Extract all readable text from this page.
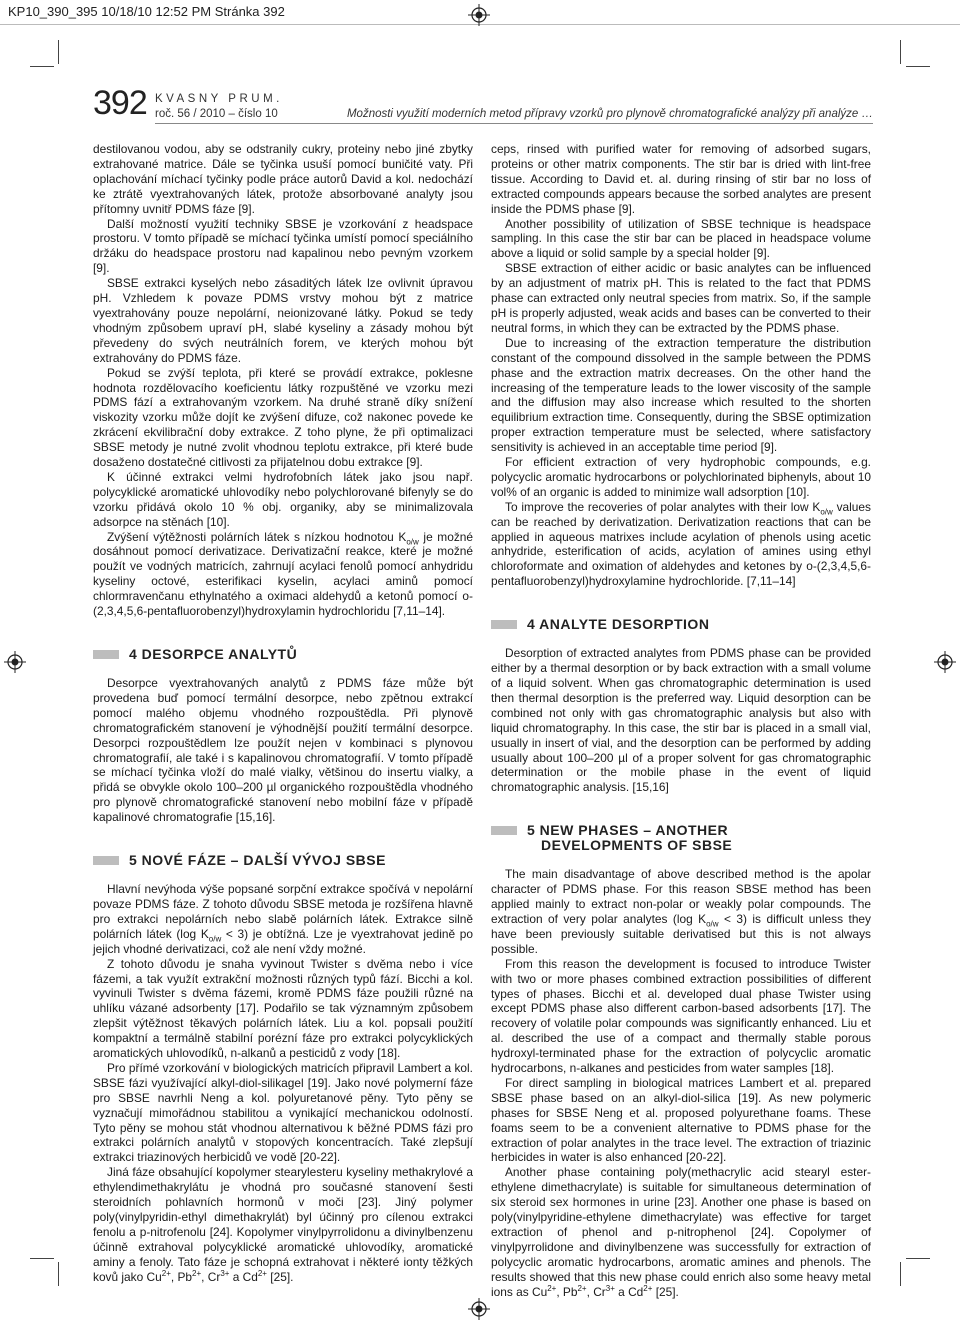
KP10_390_395 10/18/10 12:52 PM Stránka 392
392 KVASNY PRUM.
roč. 56 / 2010 – číslo 10	Možnosti využití moderních metod přípravy vzorků pro plynově chromatografické analýzy při analýze …

destilovanou vodou, aby se odstranily cukry, proteiny nebo jiné zbytky extrahované matrice. Dále se tyčinka usuší pomocí buničité vaty. Při oplachování míchací tyčinky podle práce autorů David a kol. nedochází ke ztrátě vyextrahovaných látek, protože absorbované analyty jsou přítomny uvnitř PDMS fáze [9].

Další možností využití techniky SBSE je vzorkování z headspace prostoru. V tomto případě se míchací tyčinka umístí pomocí speciálního držáku do headspace prostoru nad kapalinou nebo pevným vzorkem [9].

SBSE extrakci kyselých nebo zásaditých látek lze ovlivnit úpravou pH. Vzhledem k povaze PDMS vrstvy mohou být z matrice vyextrahovány pouze nepolární, neionizované látky. Pokud se tedy vhodným způsobem upraví pH, slabé kyseliny a zásady mohou být převedeny do svých neutrálních forem, ve kterých mohou být extrahovány do PDMS fáze.

Pokud se zvýší teplota, při které se provádí extrakce, poklesne hodnota rozdělovacího koeficientu látky rozpuštěné ve vzorku mezi PDMS fází a extrahovaným vzorkem. Na druhé straně díky snížení viskozity vzorku může dojít ke zvýšení difuze, což nakonec povede ke zkrácení ekvilibrační doby extrakce. Z toho plyne, že při optimalizaci SBSE metody je nutné zvolit vhodnou teplotu extrakce, při které bude dosaženo dostatečné citlivosti za přijatelnou dobu extrakce [9].

K účinné extrakci velmi hydrofobních látek jako jsou např. polycyklické aromatické uhlovodíky nebo polychlorované bifenyly se do vzorku přidává okolo 10 % obj. organiky, aby se minimalizovala adsorpce na stěnách [10].

Zvýšení výtěžnosti polárních látek s nízkou hodnotou $K_{o/w}$ je možné dosáhnout pomocí derivatizace. Derivatizační reakce, které je možné použít ve vodných matricích, zahrnují acylaci fenolů pomocí anhydridu kyseliny octové, esterifikaci kyselin, acylaci aminů pomocí chlormravenčanu ethylnatého a oximaci aldehydů a ketonů pomocí o-(2,3,4,5,6-pentafluorobenzyl)hydroxylamin hydrochloridu [7,11–14].

4 DESORPCE ANALYTŮ

Desorpce vyextrahovaných analytů z PDMS fáze může být provedena buď pomocí termální desorpce, nebo zpětnou extrakcí pomocí malého objemu vhodného rozpouštědla. Při plynově chromatografickém stanovení je výhodnější použití termální desorpce. Desorpci rozpouštědlem lze použít nejen v kombinaci s plynovou chromatografií, ale také i s kapalinovou chromatografií. V tomto případě se míchací tyčinka vloží do malé vialky, většinou do insertu vialky, a přidá se obvykle okolo 100–200 µl organického rozpouštědla vhodného pro plynově chromatografické stanovení nebo mobilní fáze v případě kapalinové chromatografie [15,16].

5 NOVÉ FÁZE – DALŠÍ VÝVOJ SBSE

Hlavní nevýhoda výše popsané sorpční extrakce spočívá v nepolární povaze PDMS fáze. Z tohoto důvodu SBSE metoda je rozšířena hlavně pro extrakci nepolárních nebo slabě polárních látek. Extrakce silně polárních látek (log $K_{o/w} < 3$) je obtížná. Lze je vyextrahovat jedině po jejich vhodné derivatizaci, což ale není vždy možné.

Z tohoto důvodu je snaha vyvinout Twister s dvěma nebo i více fázemi, a tak využít extrakční možnosti různých typů fází. Bicchi a kol. vyvinuli Twister s dvěma fázemi, kromě PDMS fáze použili různé na uhlíku vázané adsorbenty [17]. Podařilo se tak významným způsobem zlepšit výtěžnost těkavých polárních látek. Liu a kol. popsali použití kompaktní a termálně stabilní porézní fáze pro extrakci polycyklických aromatických uhlovodíků, n-alkanů a pesticidů z vody [18].

Pro přímé vzorkování v biologických matricích připravil Lambert a kol. SBSE fázi využívající alkyl-diol-silikagel [19]. Jako nové polymerní fáze pro SBSE navrhli Neng a kol. polyuretanové pěny. Tyto pěny se vyznačují mimořádnou stabilitou a vynikající mechanickou odolností. Tyto pěny se mohou stát vhodnou alternativou k běžné PDMS fázi pro extrakci polárních analytů v stopových koncentracích. Také zlepšují extrakci triazinových herbicidů ve vodě [20-22].

Jiná fáze obsahující kopolymer stearylesteru kyseliny methakrylové a ethylendimethakrylátu je vhodná pro současné stanovení šesti steroidních pohlavních hormonů v moči [23]. Jiný polymer poly(vinylpyridin-ethyl dimethakrylát) byl účinný pro cílenou extrakci fenolu a p-nitrofenolu [24]. Kopolymer vinylpyrrolidonu a divinylbenzenu účinně extrahoval polycyklické aromatické uhlovodíky, aromatické aminy a fenoly. Tato fáze je schopná extrahovat i některé ionty těžkých kovů jako $Cu^{2+}$, $Pb^{2+}$, $Cr^{3+}$ a $Cd^{2+}$ [25].

ceps, rinsed with purified water for removing of adsorbed sugars, proteins or other matrix components. The stir bar is dried with lint-free tissue. According to David et. al. during rinsing of stir bar no loss of extracted compounds appears because the sorbed analytes are present inside the PDMS phase [9].

Another possibility of utilization of SBSE technique is headspace sampling. In this case the stir bar can be placed in headspace volume above a liquid or solid sample by a special holder [9].

SBSE extraction of either acidic or basic analytes can be influenced by an adjustment of matrix pH. This is related to the fact that PDMS phase can extracted only neutral species from matrix. So, if the sample pH is properly adjusted, weak acids and bases can be converted to their neutral forms, in which they can be extracted by the PDMS phase.

Due to increasing of the extraction temperature the distribution constant of the compound dissolved in the sample between the PDMS phase and the extraction matrix decreases. On the other hand the increasing of the temperature leads to the lower viscosity of the sample and the diffusion may also increase which resulted to the shorten equilibrium extraction time. Consequently, during the SBSE optimization proper extraction temperature must be selected, where satisfactory sensitivity is achieved in an acceptable time period [9].

For efficient extraction of very hydrophobic compounds, e.g. polycyclic aromatic hydrocarbons or polychlorinated biphenyls, about 10 vol% of an organic is added to minimize wall adsorption [10].

To improve the recoveries of polar analytes with their low $K_{o/w}$ values can be reached by derivatization. Derivatization reactions that can be applied in aqueous matrixes include acylation of phenols using acetic anhydride, esterification of acids, acylation of amines using ethyl chloroformate and oximation of aldehydes and ketones by o-(2,3,4,5,6-pentafluorobenzyl)hydroxylamine hydrochloride. [7,11–14]

4 ANALYTE DESORPTION

Desorption of extracted analytes from PDMS phase can be provided either by a thermal desorption or by back extraction with a small volume of a liquid solvent. When gas chromatographic determination is used then thermal desorption is the preferred way. Liquid desorption can be combined not only with gas chromatographic analysis but also with liquid chromatography. In this case, the stir bar is placed in a small vial, usually in insert of vial, and the desorption can be performed by adding usually about 100–200 µl of a proper solvent for gas chromatographic determination or the mobile phase in the event of liquid chromatographic analysis. [15,16]

5 NEW PHASES – ANOTHER
DEVELOPMENTS OF SBSE

The main disadvantage of above described method is the apolar character of PDMS phase. For this reason SBSE method has been applied mainly to extract non-polar or weakly polar compounds. The extraction of very polar analytes (log $K_{o/w} < 3$) is difficult unless they have been previously suitable derivatised but this is not always possible.

From this reason the development is focused to introduce Twister with two or more phases combined extraction possibilities of different types of phases. Bicchi et al. developed dual phase Twister using except PDMS phase also different carbon-based adsorbents [17]. The recovery of volatile polar compounds was significantly enhanced. Liu et al. described the use of a compact and thermally stable porous hydroxyl-terminated phase for the extraction of polycyclic aromatic hydrocarbons, n-alkanes and pesticides from water samples [18].

For direct sampling in biological matrices Lambert et al. prepared SBSE phase based on an alkyl-diol-silica [19]. As new polymeric phases for SBSE Neng et al. proposed polyurethane foams. These foams seem to be a convenient alternative to PDMS phase for the extraction of polar analytes in the trace level. The extraction of triazinic herbicides in water is also enhanced [20-22].

Another phase containing poly(methacrylic acid stearyl ester-ethylene dimethacrylate) is suitable for simultaneous determination of six steroid sex hormones in urine [23]. Another one phase is based on poly(vinylpyridine-ethylene dimethacrylate) was effective for target extraction of phenol and p-nitrophenol [24]. Copolymer of vinylpyrrolidone and divinylbenzene was successfully for extraction of polycyclic aromatic hydrocarbons, aromatic amines and phenols. The results showed that this new phase could enrich also some heavy metal ions as $Cu^{2+}$, $Pb^{2+}$, $Cr^{3+}$ a $Cd^{2+}$ [25].
